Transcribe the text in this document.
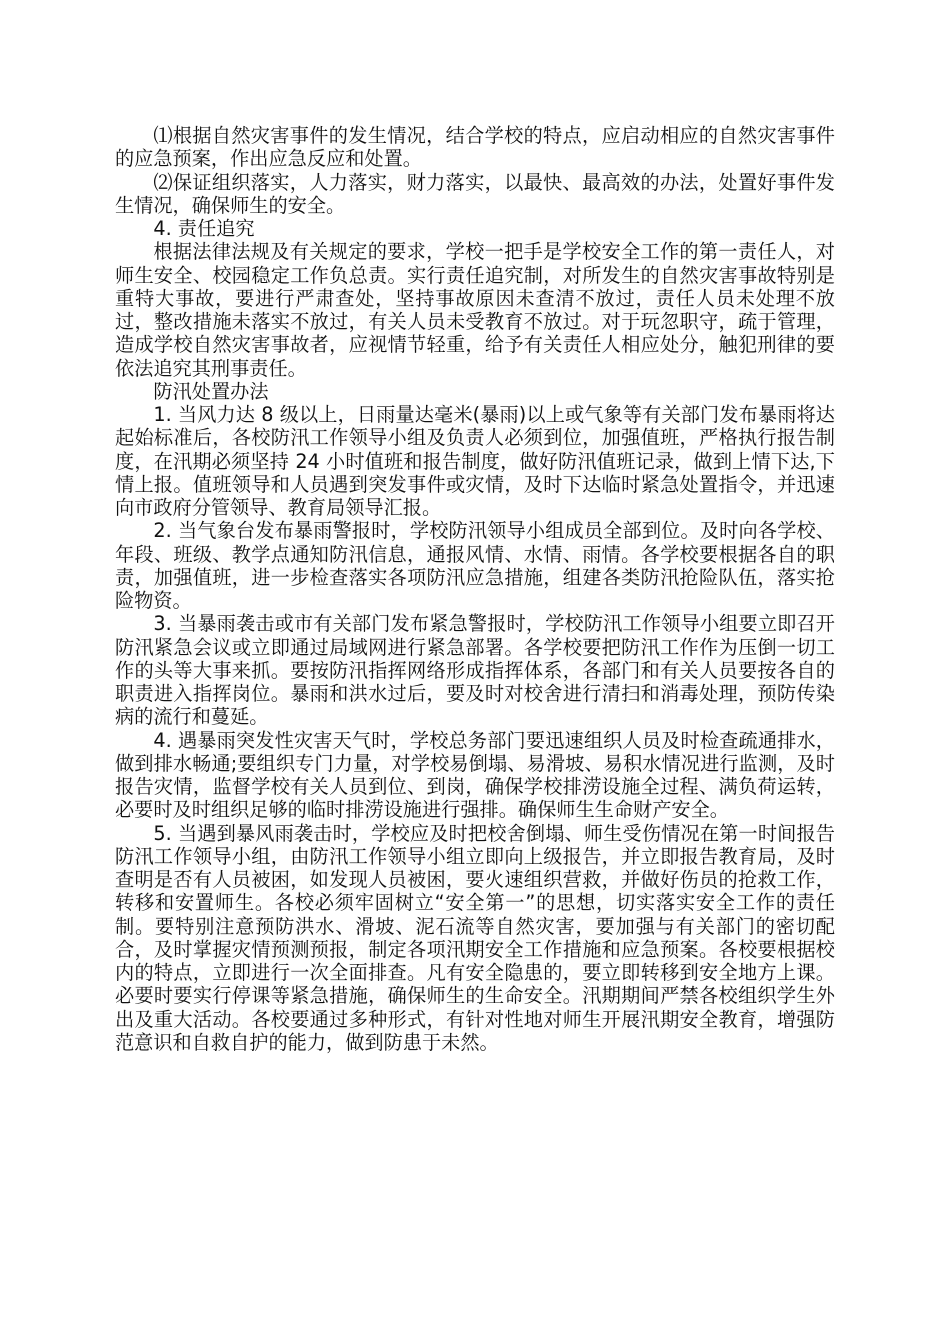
⑴根据自然灾害事件的发生情况，结合学校的特点，应启动相应的自然灾害事件的应急预案，作出应急反应和处置。

⑵保证组织落实，人力落实，财力落实，以最快、最高效的办法，处置好事件发生情况，确保师生的安全。

4. 责任追究

根据法律法规及有关规定的要求，学校一把手是学校安全工作的第一责任人，对师生安全、校园稳定工作负总责。实行责任追究制，对所发生的自然灾害事故特别是重特大事故，要进行严肃查处，坚持事故原因未查清不放过，责任人员未处理不放过，整改措施未落实不放过，有关人员未受教育不放过。对于玩忽职守，疏于管理，造成学校自然灾害事故者，应视情节轻重，给予有关责任人相应处分，触犯刑律的要依法追究其刑事责任。

防汛处置办法

1. 当风力达 8 级以上，日雨量达毫米(暴雨)以上或气象等有关部门发布暴雨将达起始标准后，各校防汛工作领导小组及负责人必须到位，加强值班，严格执行报告制度，在汛期必须坚持 24 小时值班和报告制度，做好防汛值班记录，做到上情下达,下情上报。值班领导和人员遇到突发事件或灾情，及时下达临时紧急处置指令，并迅速向市政府分管领导、教育局领导汇报。

2. 当气象台发布暴雨警报时，学校防汛领导小组成员全部到位。及时向各学校、年段、班级、教学点通知防汛信息，通报风情、水情、雨情。各学校要根据各自的职责，加强值班，进一步检查落实各项防汛应急措施，组建各类防汛抢险队伍，落实抢险物资。

3. 当暴雨袭击或市有关部门发布紧急警报时，学校防汛工作领导小组要立即召开防汛紧急会议或立即通过局域网进行紧急部署。各学校要把防汛工作作为压倒一切工作的头等大事来抓。要按防汛指挥网络形成指挥体系，各部门和有关人员要按各自的职责进入指挥岗位。暴雨和洪水过后，要及时对校舍进行清扫和消毒处理，预防传染病的流行和蔓延。

4. 遇暴雨突发性灾害天气时，学校总务部门要迅速组织人员及时检查疏通排水，做到排水畅通;要组织专门力量，对学校易倒塌、易滑坡、易积水情况进行监测，及时报告灾情，监督学校有关人员到位、到岗，确保学校排涝设施全过程、满负荷运转，必要时及时组织足够的临时排涝设施进行强排。确保师生生命财产安全。

5. 当遇到暴风雨袭击时，学校应及时把校舍倒塌、师生受伤情况在第一时间报告防汛工作领导小组，由防汛工作领导小组立即向上级报告，并立即报告教育局，及时查明是否有人员被困，如发现人员被困，要火速组织营救，并做好伤员的抢救工作，转移和安置师生。各校必须牢固树立“安全第一”的思想，切实落实安全工作的责任制。要特别注意预防洪水、滑坡、泥石流等自然灾害，要加强与有关部门的密切配合，及时掌握灾情预测预报，制定各项汛期安全工作措施和应急预案。各校要根据校内的特点，立即进行一次全面排查。凡有安全隐患的，要立即转移到安全地方上课。必要时要实行停课等紧急措施，确保师生的生命安全。汛期期间严禁各校组织学生外出及重大活动。各校要通过多种形式，有针对性地对师生开展汛期安全教育，增强防范意识和自救自护的能力，做到防患于未然。
